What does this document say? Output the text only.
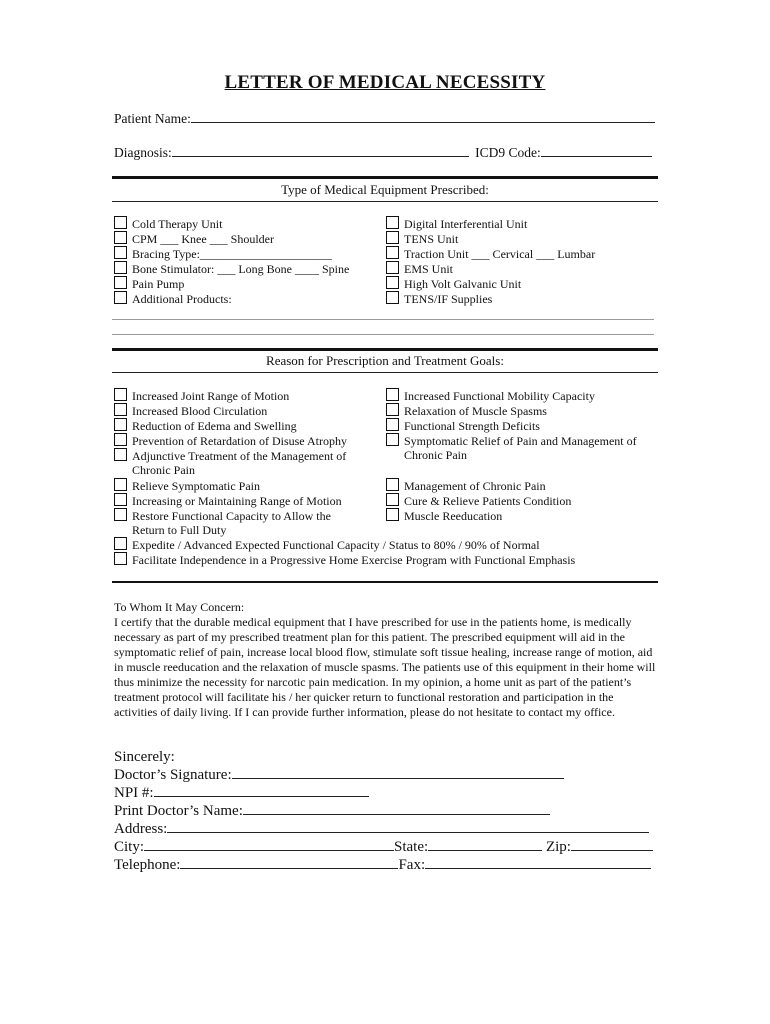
LETTER OF MEDICAL NECESSITY
Patient Name:
Diagnosis:	ICD9 Code:
Type of Medical Equipment Prescribed:
Cold Therapy Unit
CPM ___ Knee ___ Shoulder
Bracing Type:______________________
Bone Stimulator: ___ Long Bone ____ Spine
Pain Pump
Additional Products:
Digital Interferential Unit
TENS Unit
Traction Unit ___ Cervical ___ Lumbar
EMS Unit
High Volt Galvanic Unit
TENS/IF Supplies
Reason for Prescription and Treatment Goals:
Increased Joint Range of Motion
Increased Blood Circulation
Reduction of Edema and Swelling
Prevention of Retardation of Disuse Atrophy
Adjunctive Treatment of the Management of
Chronic Pain
Relieve Symptomatic Pain
Increasing or Maintaining Range of Motion
Restore Functional Capacity to Allow the
Return to Full Duty
Increased Functional Mobility Capacity
Relaxation of Muscle Spasms
Functional Strength Deficits
Symptomatic Relief of Pain and Management of
Chronic Pain
Management of Chronic Pain
Cure & Relieve Patients Condition
Muscle Reeducation
Expedite / Advanced Expected Functional Capacity / Status to 80% / 90% of Normal
Facilitate Independence in a Progressive Home Exercise Program with Functional Emphasis

To Whom It May Concern:

I certify that the durable medical equipment that I have prescribed for use in the patients home, is medically necessary as part of my prescribed treatment plan for this patient. The prescribed equipment will aid in the symptomatic relief of pain, increase local blood flow, stimulate soft tissue healing, increase range of motion, aid in muscle reeducation and the relaxation of muscle spasms. The patients use of this equipment in their home will thus minimize the necessity for narcotic pain medication. In my opinion, a home unit as part of the patient’s treatment protocol will facilitate his / her quicker return to functional restoration and participation in the activities of daily living. If I can provide further information, please do not hesitate to contact my office.

Sincerely:
Doctor’s Signature:
NPI #:
Print Doctor’s Name:
Address:
City:	State:	Zip:
Telephone:	Fax:
